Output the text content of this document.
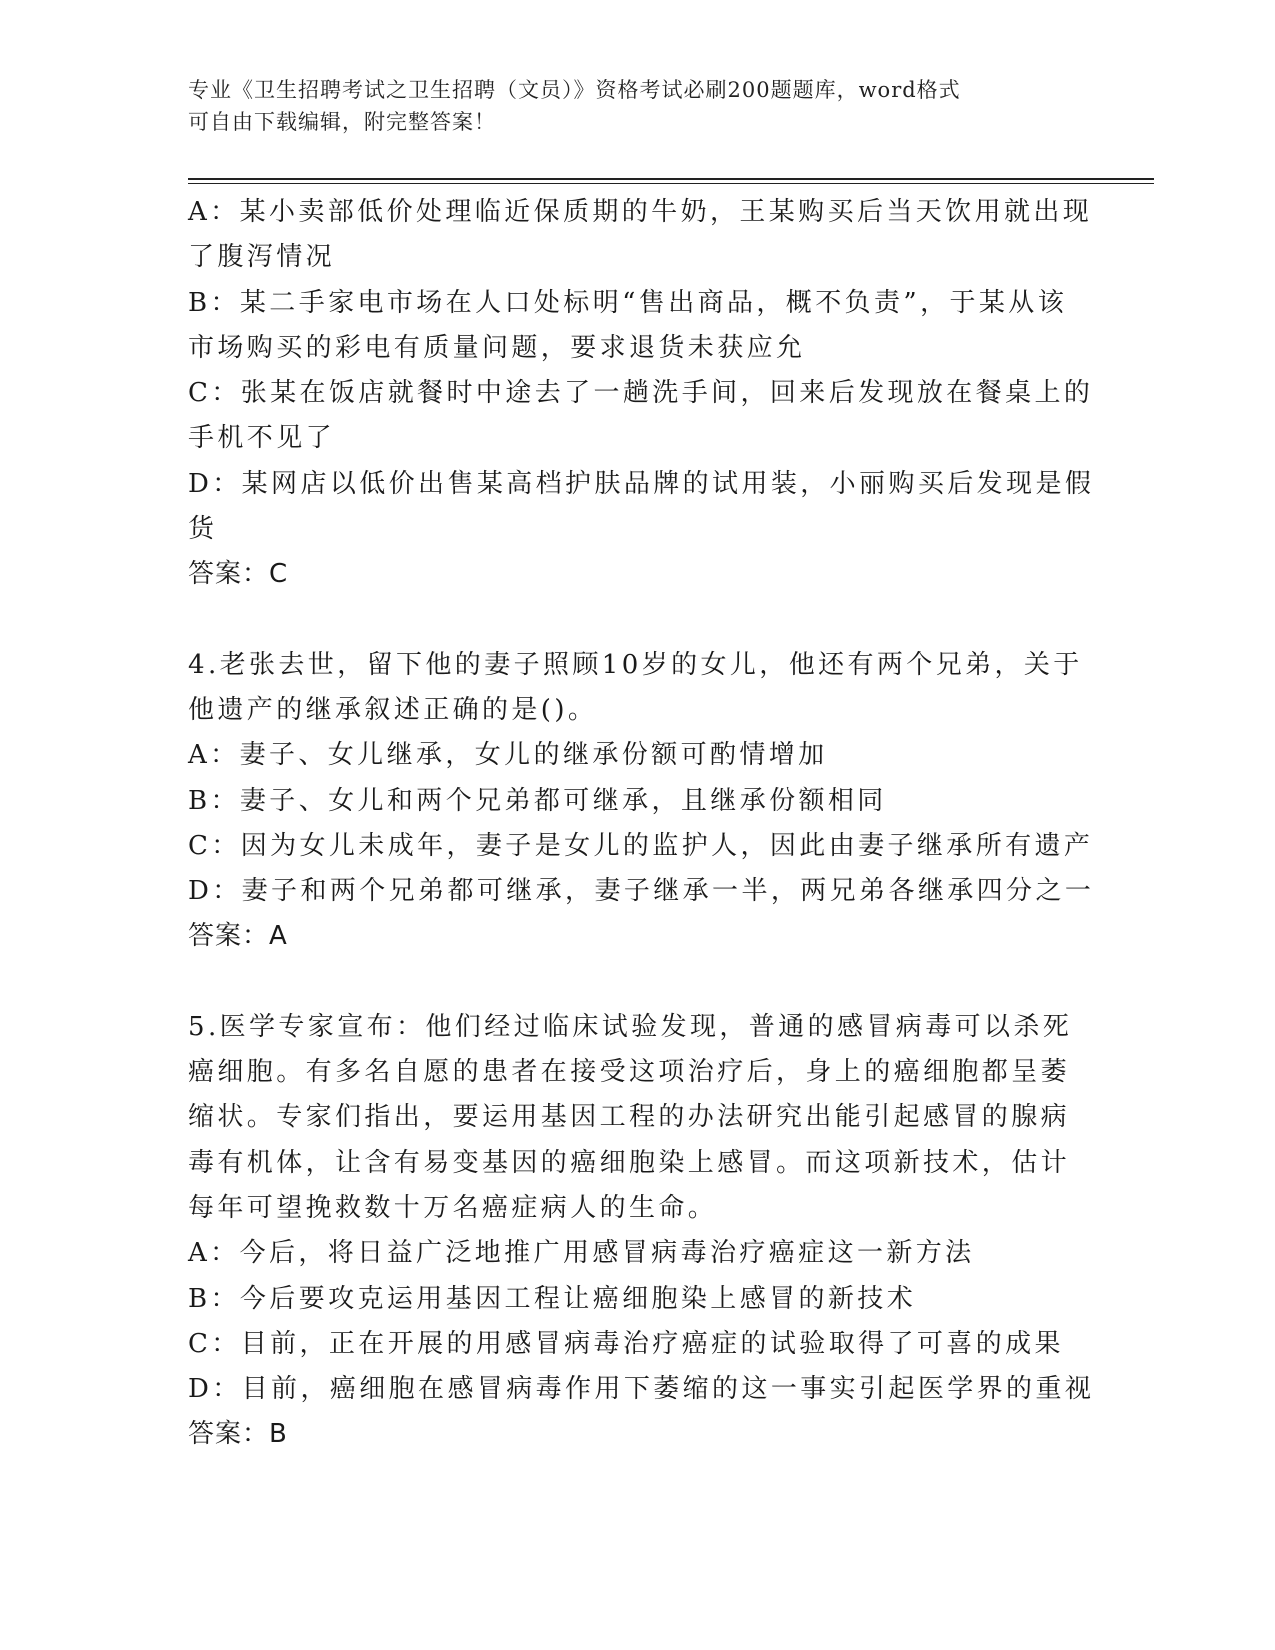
专业《卫生招聘考试之卫生招聘（文员）》资格考试必刷200题题库，word格式
可自由下载编辑，附完整答案！
A：某小卖部低价处理临近保质期的牛奶，王某购买后当天饮用就出现
了腹泻情况
B：某二手家电市场在人口处标明“售出商品，概不负责”，于某从该
市场购买的彩电有质量问题，要求退货未获应允
C：张某在饭店就餐时中途去了一趟洗手间，回来后发现放在餐桌上的
手机不见了
D：某网店以低价出售某高档护肤品牌的试用装，小丽购买后发现是假
货
答案：C
4.老张去世，留下他的妻子照顾10岁的女儿，他还有两个兄弟，关于
他遗产的继承叙述正确的是()。
A：妻子、女儿继承，女儿的继承份额可酌情增加
B：妻子、女儿和两个兄弟都可继承，且继承份额相同
C：因为女儿未成年，妻子是女儿的监护人，因此由妻子继承所有遗产
D：妻子和两个兄弟都可继承，妻子继承一半，两兄弟各继承四分之一
答案：A
5.医学专家宣布：他们经过临床试验发现，普通的感冒病毒可以杀死
癌细胞。有多名自愿的患者在接受这项治疗后，身上的癌细胞都呈萎
缩状。专家们指出，要运用基因工程的办法研究出能引起感冒的腺病
毒有机体，让含有易变基因的癌细胞染上感冒。而这项新技术，估计
每年可望挽救数十万名癌症病人的生命。
A：今后，将日益广泛地推广用感冒病毒治疗癌症这一新方法
B：今后要攻克运用基因工程让癌细胞染上感冒的新技术
C：目前，正在开展的用感冒病毒治疗癌症的试验取得了可喜的成果
D：目前，癌细胞在感冒病毒作用下萎缩的这一事实引起医学界的重视
答案：B
